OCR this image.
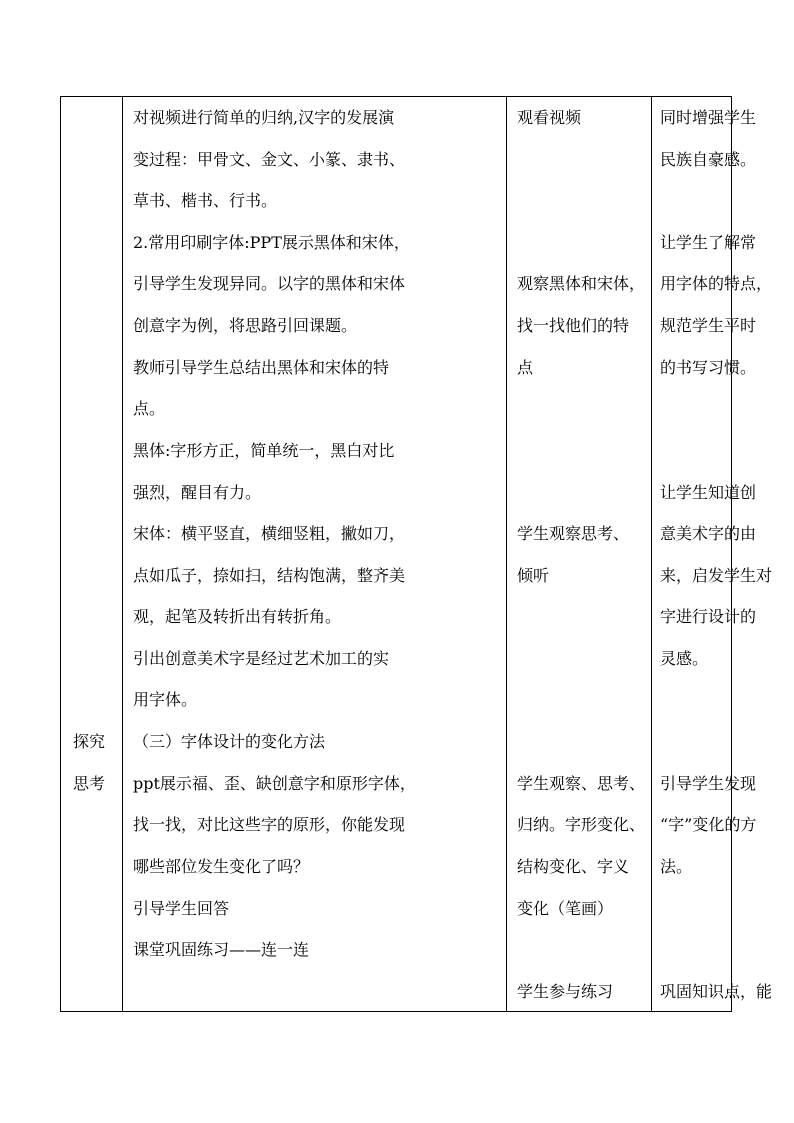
探究

思考

对视频进行简单的归纳,汉字的发展演

变过程：甲骨文、金文、小篆、隶书、

草书、楷书、行书。

2.常用印刷字体:PPT展示黑体和宋体，

引导学生发现异同。以字的黑体和宋体

创意字为例，将思路引回课题。

教师引导学生总结出黑体和宋体的特

点。

黑体:字形方正，简单统一，黑白对比

强烈，醒目有力。

宋体：横平竖直，横细竖粗，撇如刀，

点如瓜子，捺如扫，结构饱满，整齐美

观，起笔及转折出有转折角。

引出创意美术字是经过艺术加工的实

用字体。

（三）字体设计的变化方法

ppt展示福、歪、缺创意字和原形字体，

找一找，对比这些字的原形，你能发现

哪些部位发生变化了吗？

引导学生回答

课堂巩固练习——连一连

观看视频

观察黑体和宋体，

找一找他们的特

点

学生观察思考、

倾听

学生观察、思考、

归纳。字形变化、

结构变化、字义

变化（笔画）

学生参与练习

同时增强学生

民族自豪感。

让学生了解常

用字体的特点，

规范学生平时

的书写习惯。

让学生知道创

意美术字的由

来，启发学生对

字进行设计的

灵感。

引导学生发现

“字”变化的方

法。

巩固知识点，能
